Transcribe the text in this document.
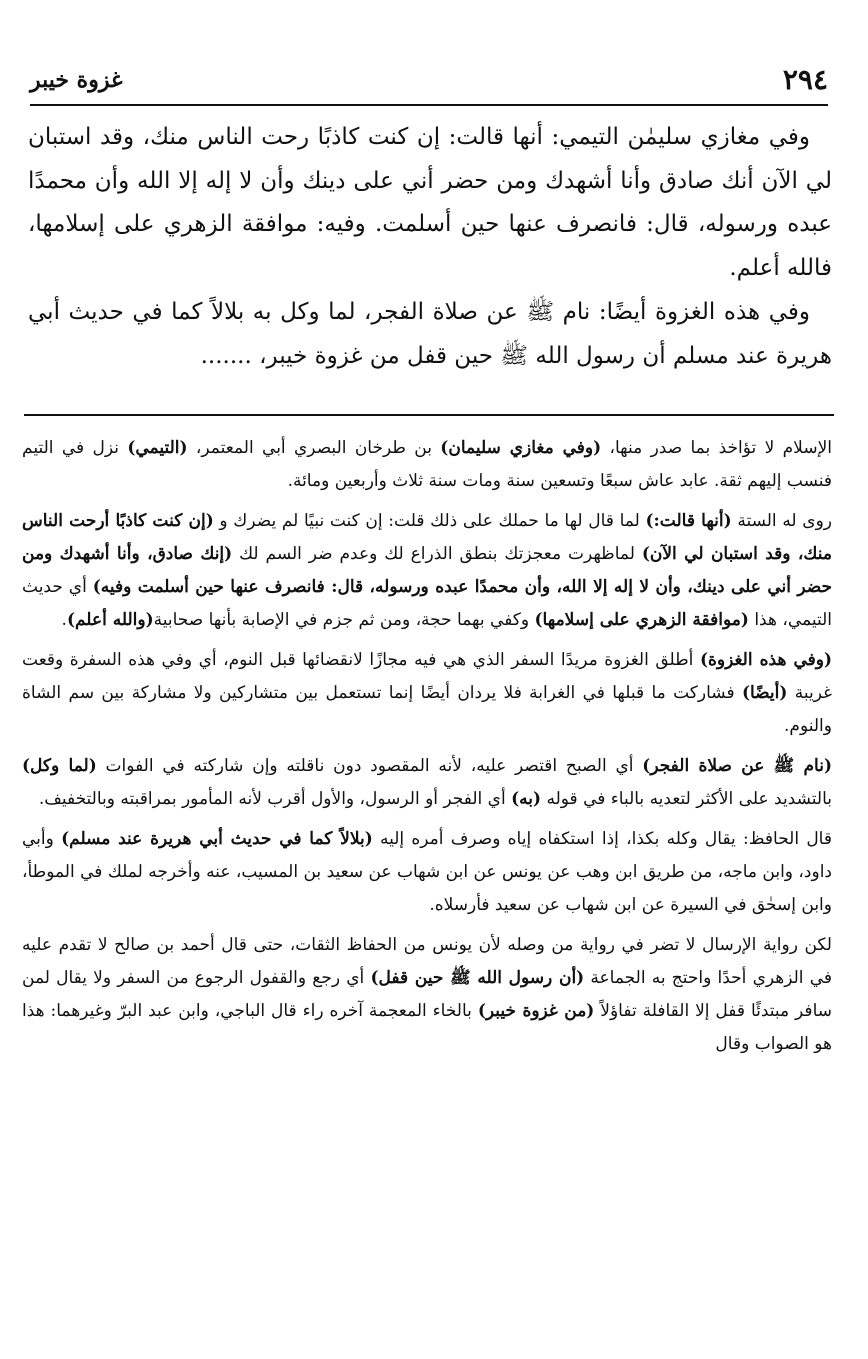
٢٩٤
غزوة خيبر

وفي مغازي سليمٰن التيمي: أنها قالت: إن كنت كاذبًا رحت الناس منك، وقد استبان لي الآن أنك صادق وأنا أشهدك ومن حضر أني على دينك وأن لا إله إلا الله وأن محمدًا عبده ورسوله، قال: فانصرف عنها حين أسلمت. وفيه: موافقة الزهري على إسلامها، فالله أعلم.

وفي هذه الغزوة أيضًا: نام ﷺ عن صلاة الفجر، لما وكل به بلالاً كما في حديث أبي هريرة عند مسلم أن رسول الله ﷺ حين قفل من غزوة خيبر، .......

الإسلام لا تؤاخذ بما صدر منها، (وفي مغازي سليمان) بن طرخان البصري أبي المعتمر، (التيمي) نزل في التيم فنسب إليهم ثقة. عابد عاش سبعًا وتسعين سنة ومات سنة ثلاث وأربعين ومائة.

روى له الستة (أنها قالت:) لما قال لها ما حملك على ذلك قلت: إن كنت نبيًا لم يضرك و (إن كنت كاذبًا أرحت الناس منك، وقد استبان لي الآن) لماظهرت معجزتك بنطق الذراع لك وعدم ضر السم لك (إنك صادق، وأنا أشهدك ومن حضر أني على دينك، وأن لا إله إلا الله، وأن محمدًا عبده ورسوله، قال: فانصرف عنها حين أسلمت وفيه) أي حديث التيمي، هذا (موافقة الزهري على إسلامها) وكفي بهما حجة، ومن ثم جزم في الإصابة بأنها صحابية(والله أعلم).

(وفي هذه الغزوة) أطلق الغزوة مريدًا السفر الذي هي فيه مجازًا لانقضائها قبل النوم، أي وفي هذه السفرة وقعت غريبة (أيضًا) فشاركت ما قبلها في الغرابة فلا يردان أيضًا إنما تستعمل بين متشاركين ولا مشاركة بين سم الشاة والنوم.

(نام ﷺ عن صلاة الفجر) أي الصبح اقتصر عليه، لأنه المقصود دون ناقلته وإن شاركته في الفوات (لما وكل) بالتشديد على الأكثر لتعديه بالباء في قوله (به) أي الفجر أو الرسول، والأول أقرب لأنه المأمور بمراقبته وبالتخفيف.

قال الحافظ: يقال وكله بكذا، إذا استكفاه إياه وصرف أمره إليه (بلالاً كما في حديث أبي هريرة عند مسلم) وأبي داود، وابن ماجه، من طريق ابن وهب عن يونس عن ابن شهاب عن سعيد بن المسيب، عنه وأخرجه لملك في الموطأ، وابن إسحٰق في السيرة عن ابن شهاب عن سعيد فأرسلاه.

لكن رواية الإرسال لا تضر في رواية من وصله لأن يونس من الحفاظ الثقات، حتى قال أحمد بن صالح لا تقدم عليه في الزهري أحدًا واحتج به الجماعة (أن رسول الله ﷺ حين قفل) أي رجع والقفول الرجوع من السفر ولا يقال لمن سافر مبتدئًا قفل إلا القافلة تفاؤلاً (من غزوة خيبر) بالخاء المعجمة آخره راء قال الباجي، وابن عبد البرّ وغيرهما: هذا هو الصواب وقال
